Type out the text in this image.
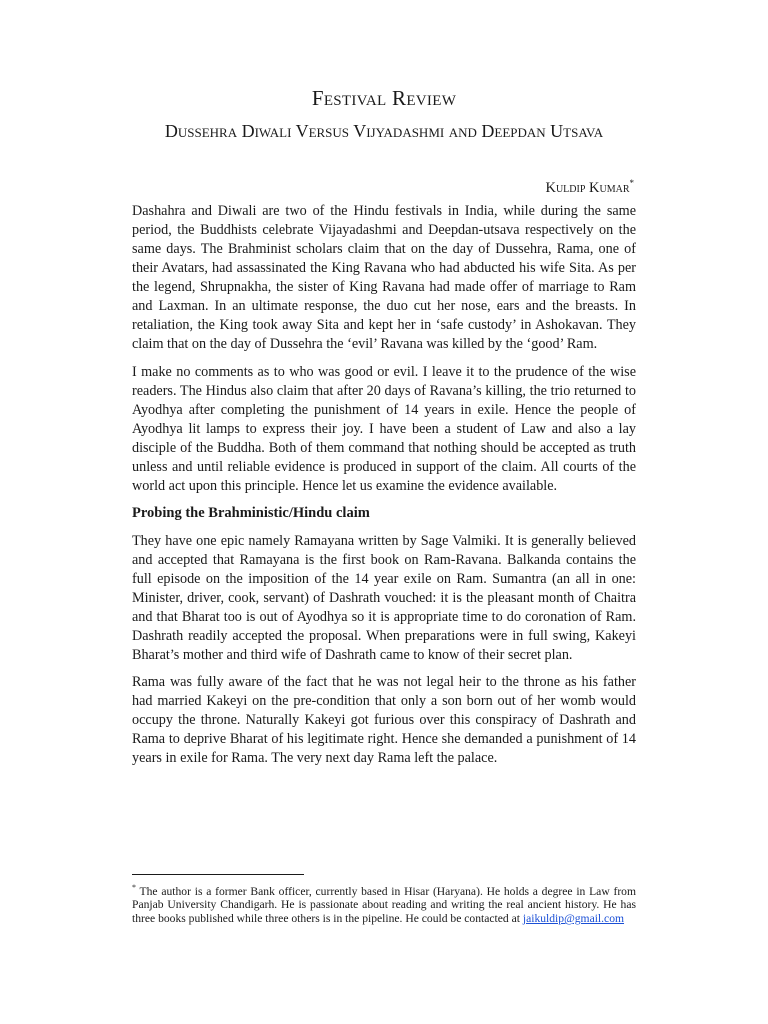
Festival Review
Dussehra Diwali Versus Vijyadashmi and Deepdan Utsava
Kuldip Kumar*

Dashahra and Diwali are two of the Hindu festivals in India, while during the same period, the Buddhists celebrate Vijayadashmi and Deepdan-utsava respectively on the same days. The Brahminist scholars claim that on the day of Dussehra, Rama, one of their Avatars, had assassinated the King Ravana who had abducted his wife Sita. As per the legend, Shrupnakha, the sister of King Ravana had made offer of marriage to Ram and Laxman. In an ultimate response, the duo cut her nose, ears and the breasts. In retaliation, the King took away Sita and kept her in ‘safe custody’ in Ashokavan. They claim that on the day of Dussehra the ‘evil’ Ravana was killed by the ‘good’ Ram.

I make no comments as to who was good or evil. I leave it to the prudence of the wise readers. The Hindus also claim that after 20 days of Ravana’s killing, the trio returned to Ayodhya after completing the punishment of 14 years in exile. Hence the people of Ayodhya lit lamps to express their joy. I have been a student of Law and also a lay disciple of the Buddha. Both of them command that nothing should be accepted as truth unless and until reliable evidence is produced in support of the claim. All courts of the world act upon this principle. Hence let us examine the evidence available.

Probing the Brahministic/Hindu claim

They have one epic namely Ramayana written by Sage Valmiki. It is generally believed and accepted that Ramayana is the first book on Ram-Ravana. Balkanda contains the full episode on the imposition of the 14 year exile on Ram. Sumantra (an all in one: Minister, driver, cook, servant) of Dashrath vouched: it is the pleasant month of Chaitra and that Bharat too is out of Ayodhya so it is appropriate time to do coronation of Ram. Dashrath readily accepted the proposal. When preparations were in full swing, Kakeyi Bharat’s mother and third wife of Dashrath came to know of their secret plan.

Rama was fully aware of the fact that he was not legal heir to the throne as his father had married Kakeyi on the pre-condition that only a son born out of her womb would occupy the throne. Naturally Kakeyi got furious over this conspiracy of Dashrath and Rama to deprive Bharat of his legitimate right. Hence she demanded a punishment of 14 years in exile for Rama. The very next day Rama left the palace.

* The author is a former Bank officer, currently based in Hisar (Haryana). He holds a degree in Law from Panjab University Chandigarh. He is passionate about reading and writing the real ancient history. He has three books published while three others is in the pipeline. He could be contacted at jaikuldip@gmail.com
